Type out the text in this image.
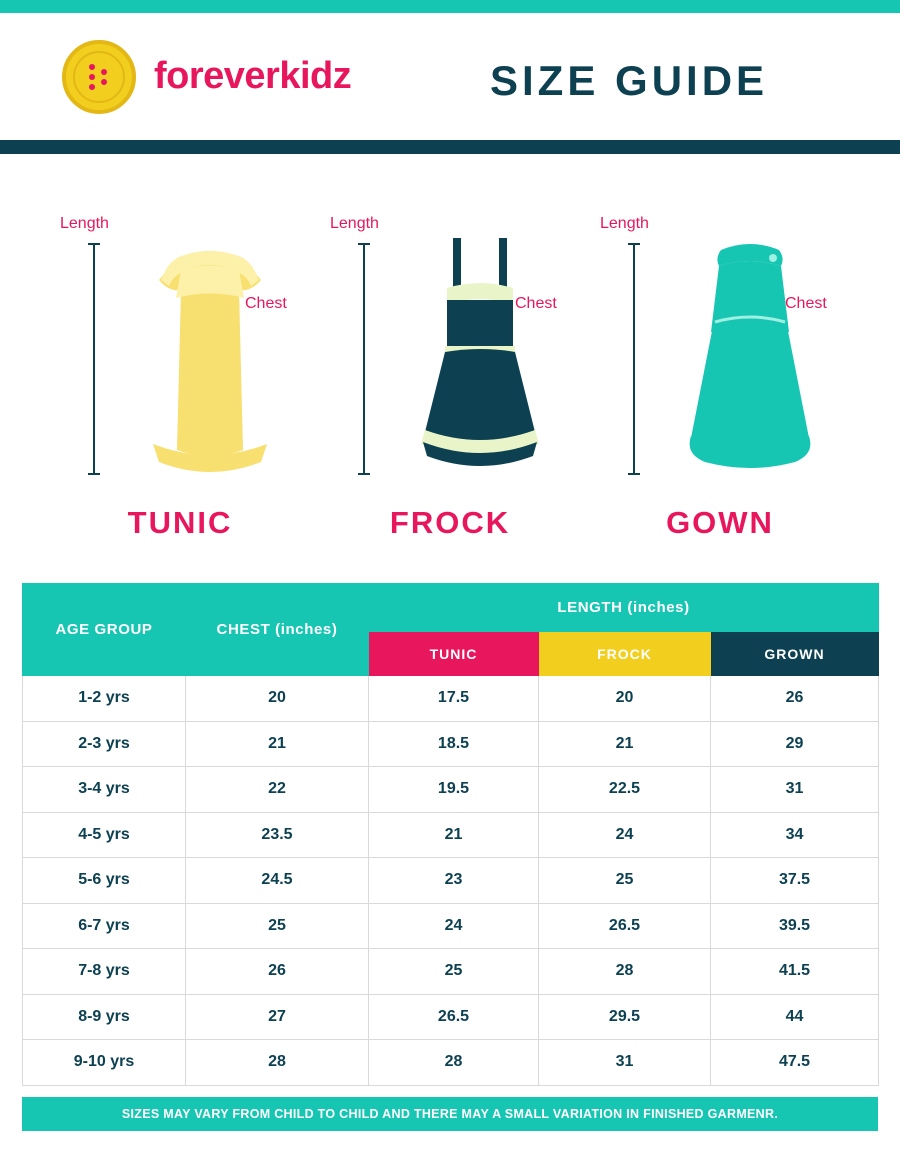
foreverkidz	SIZE GUIDE
Length
Chest
TUNIC
Length
Chest
FROCK
Length
Chest
GOWN
AGE GROUP	CHEST (inches)	LENGTH (inches)		
		TUNIC	FROCK	GROWN
1-2 yrs	20	17.5	20	26
2-3 yrs	21	18.5	21	29
3-4 yrs	22	19.5	22.5	31
4-5 yrs	23.5	21	24	34
5-6 yrs	24.5	23	25	37.5
6-7 yrs	25	24	26.5	39.5
7-8 yrs	26	25	28	41.5
8-9 yrs	27	26.5	29.5	44
9-10 yrs	28	28	31	47.5
SIZES MAY VARY FROM CHILD TO CHILD AND THERE MAY A SMALL VARIATION IN FINISHED GARMENR.
